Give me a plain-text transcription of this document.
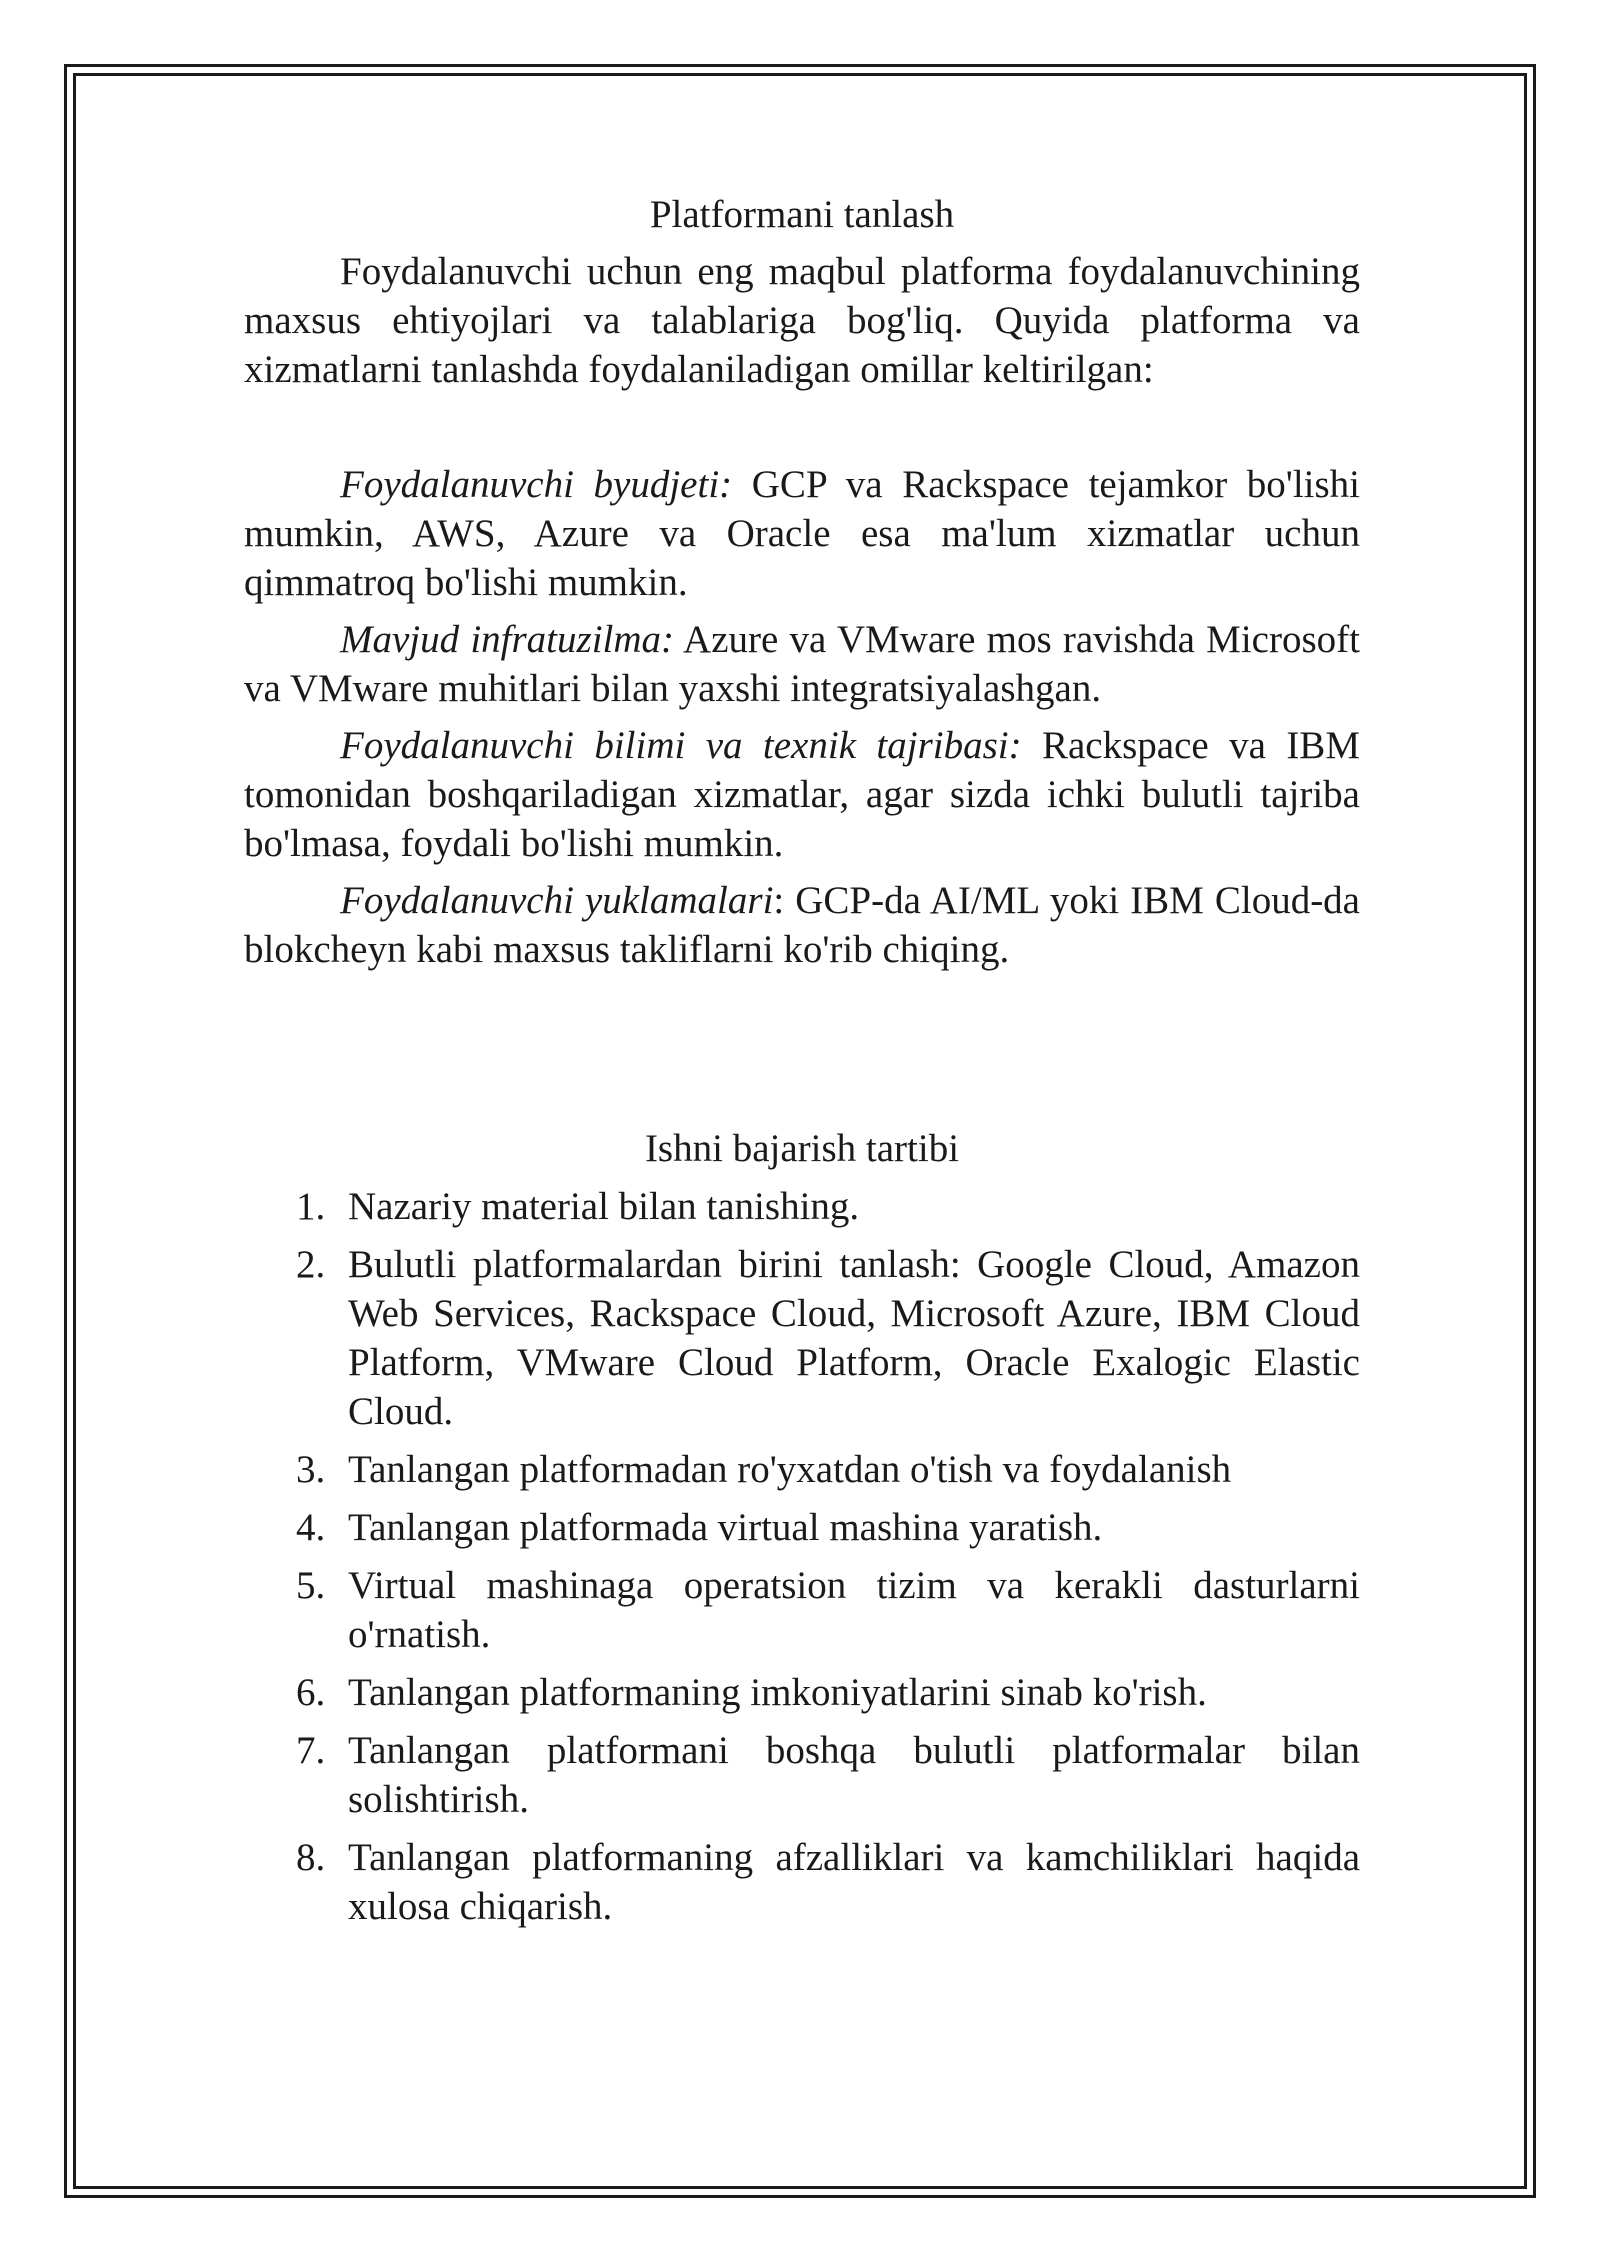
Platformani tanlash

Foydalanuvchi uchun eng maqbul platforma foydalanuvchining maxsus ehtiyojlari va talablariga bog'liq. Quyida platforma va xizmatlarni tanlashda foydalaniladigan omillar keltirilgan:

Foydalanuvchi byudjeti: GCP va Rackspace tejamkor bo'lishi mumkin, AWS, Azure va Oracle esa ma'lum xizmatlar uchun qimmatroq bo'lishi mumkin.

Mavjud infratuzilma: Azure va VMware mos ravishda Microsoft va VMware muhitlari bilan yaxshi integratsiyalashgan.

Foydalanuvchi bilimi va texnik tajribasi: Rackspace va IBM tomonidan boshqariladigan xizmatlar, agar sizda ichki bulutli tajriba bo'lmasa, foydali bo'lishi mumkin.

Foydalanuvchi yuklamalari: GCP-da AI/ML yoki IBM Cloud-da blokcheyn kabi maxsus takliflarni ko'rib chiqing.

Ishni bajarish tartibi
1. Nazariy material bilan tanishing.
2. Bulutli platformalardan birini tanlash: Google Cloud, Amazon Web Services, Rackspace Cloud, Microsoft Azure, IBM Cloud Platform, VMware Cloud Platform, Oracle Exalogic Elastic Cloud.
3. Tanlangan platformadan ro'yxatdan o'tish va foydalanish
4. Tanlangan platformada virtual mashina yaratish.
5. Virtual mashinaga operatsion tizim va kerakli dasturlarni o'rnatish.
6. Tanlangan platformaning imkoniyatlarini sinab ko'rish.
7. Tanlangan platformani boshqa bulutli platformalar bilan solishtirish.
8. Tanlangan platformaning afzalliklari va kamchiliklari haqida xulosa chiqarish.
